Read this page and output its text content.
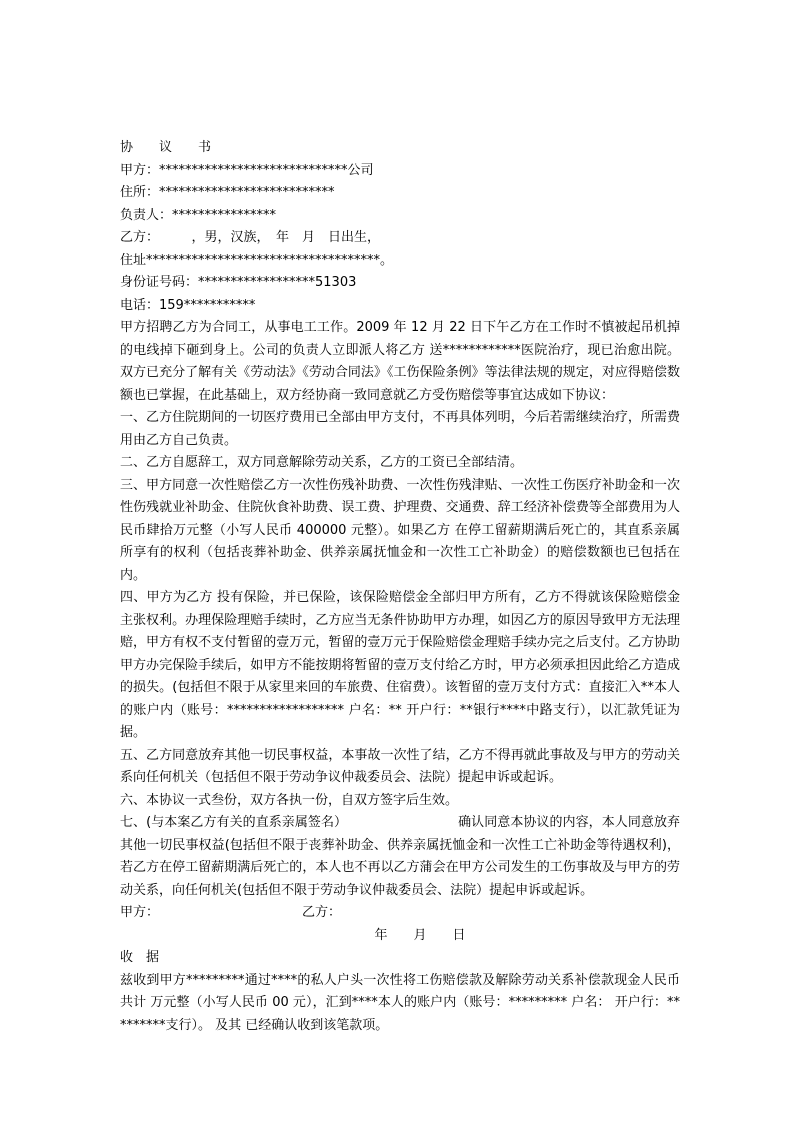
协　　议　　书
甲方：*****************************公司
住所：***************************
负责人：****************
乙方：　　　，男，汉族，　年　月　日出生，
住址************************************。
身份证号码：******************51303
电话：159***********
甲方招聘乙方为合同工，从事电工工作。2009 年 12 月 22 日下午乙方在工作时不慎被起吊机掉的电线掉下砸到身上。公司的负责人立即派人将乙方 送************医院治疗，现已治愈出院。双方已充分了解有关《劳动法》《劳动合同法》《工伤保险条例》等法律法规的规定，对应得赔偿数额也已掌握，在此基础上，双方经协商一致同意就乙方受伤赔偿等事宜达成如下协议：
一、乙方住院期间的一切医疗费用已全部由甲方支付，不再具体列明，今后若需继续治疗，所需费用由乙方自己负责。
二、乙方自愿辞工，双方同意解除劳动关系，乙方的工资已全部结清。
三、甲方同意一次性赔偿乙方一次性伤残补助费、一次性伤残津贴、一次性工伤医疗补助金和一次性伤残就业补助金、住院伙食补助费、误工费、护理费、交通费、辞工经济补偿费等全部费用为人民币肆拾万元整（小写人民币 400000 元整）。如果乙方 在停工留薪期满后死亡的，其直系亲属所享有的权利（包括丧葬补助金、供养亲属抚恤金和一次性工亡补助金）的赔偿数额也已包括在内。
四、甲方为乙方 投有保险，并已保险，该保险赔偿金全部归甲方所有，乙方不得就该保险赔偿金主张权利。办理保险理赔手续时，乙方应当无条件协助甲方办理，如因乙方的原因导致甲方无法理赔，甲方有权不支付暂留的壹万元，暂留的壹万元于保险赔偿金理赔手续办完之后支付。乙方协助甲方办完保险手续后，如甲方不能按期将暂留的壹万支付给乙方时，甲方必须承担因此给乙方造成的损失。(包括但不限于从家里来回的车旅费、住宿费）。该暂留的壹万支付方式：直接汇入**本人的账户内（账号：****************** 户名：** 开户行：**银行****中路支行），以汇款凭证为据。
五、乙方同意放弃其他一切民事权益，本事故一次性了结，乙方不得再就此事故及与甲方的劳动关系向任何机关（包括但不限于劳动争议仲裁委员会、法院）提起申诉或起诉。
六、本协议一式叁份，双方各执一份，自双方签字后生效。
七、(与本案乙方有关的直系亲属签名）　　　　　　　　　确认同意本协议的内容，本人同意放弃其他一切民事权益(包括但不限于丧葬补助金、供养亲属抚恤金和一次性工亡补助金等待遇权利)，若乙方在停工留薪期满后死亡的，本人也不再以乙方蒲会在甲方公司发生的工伤事故及与甲方的劳动关系，向任何机关(包括但不限于劳动争议仲裁委员会、法院）提起申诉或起诉。
甲方：	乙方：
年　　月　　日
收　据
兹收到甲方*********通过****的私人户头一次性将工伤赔偿款及解除劳动关系补偿款现金人民币共计 万元整（小写人民币 00 元），汇到****本人的账户内（账号：********* 户名： 开户行：*********支行）。 及其 已经确认收到该笔款项。
